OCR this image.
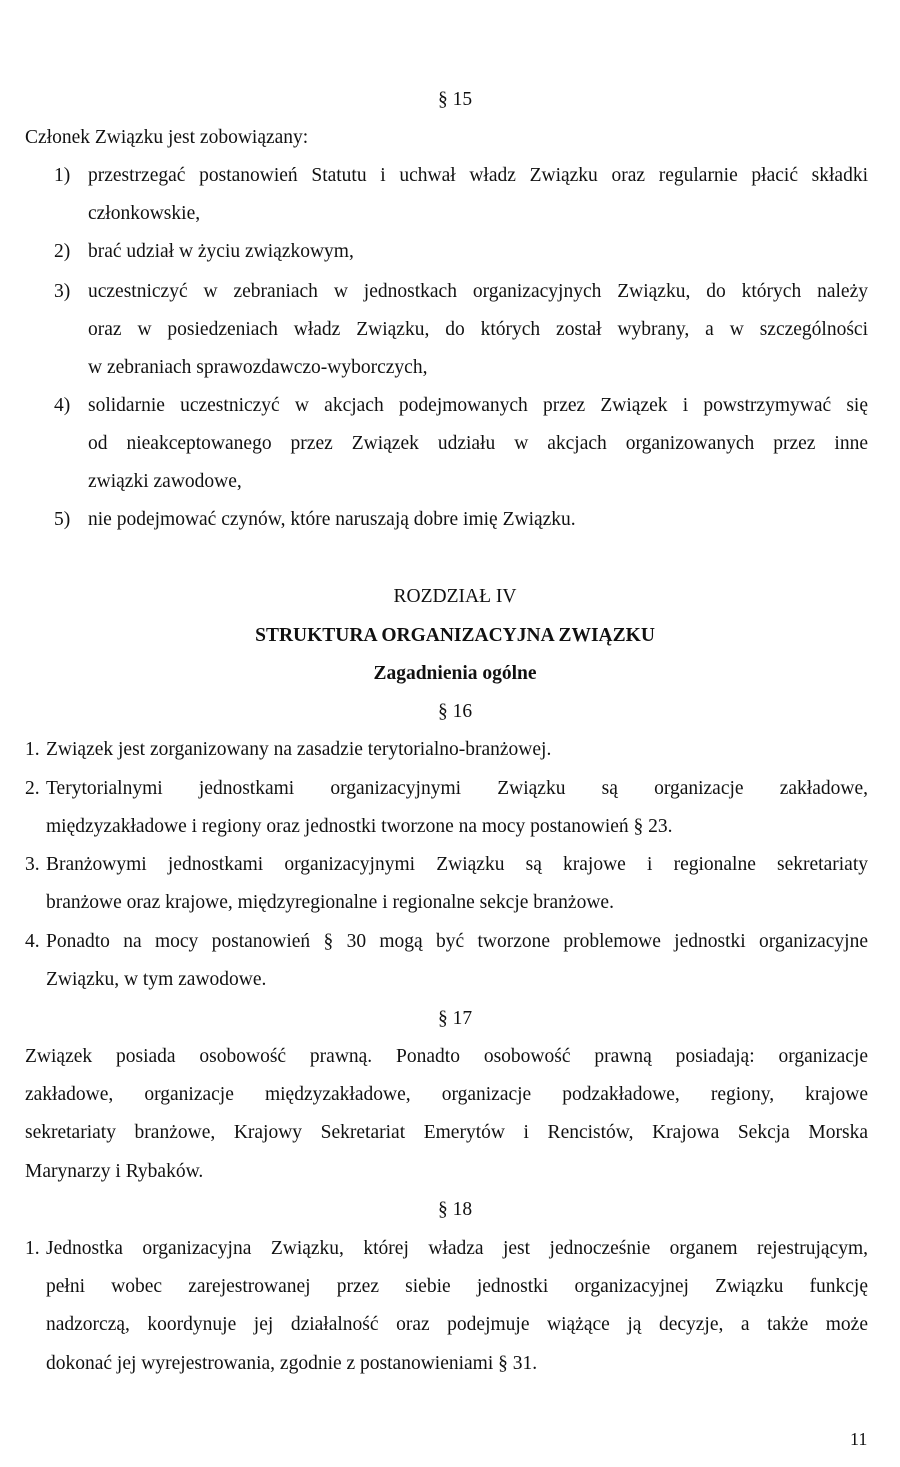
§ 15
Członek Związku jest zobowiązany:
1) przestrzegać postanowień Statutu i uchwał władz Związku oraz regularnie płacić składki
członkowskie,
2) brać udział w życiu związkowym,
3) uczestniczyć w zebraniach w jednostkach organizacyjnych Związku, do których należy
oraz w posiedzeniach władz Związku, do których został wybrany, a w szczególności
w zebraniach sprawozdawczo-wyborczych,
4) solidarnie uczestniczyć w akcjach podejmowanych przez Związek i powstrzymywać się
od nieakceptowanego przez Związek udziału w akcjach organizowanych przez inne
związki zawodowe,
5) nie podejmować czynów, które naruszają dobre imię Związku.
ROZDZIAŁ IV
STRUKTURA ORGANIZACYJNA ZWIĄZKU
Zagadnienia ogólne
§ 16
1. Związek jest zorganizowany na zasadzie terytorialno-branżowej.
2. Terytorialnymi jednostkami organizacyjnymi Związku są organizacje zakładowe,
międzyzakładowe i regiony oraz jednostki tworzone na mocy postanowień § 23.
3. Branżowymi jednostkami organizacyjnymi Związku są krajowe i regionalne sekretariaty
branżowe oraz krajowe, międzyregionalne i regionalne sekcje branżowe.
4. Ponadto na mocy postanowień § 30 mogą być tworzone problemowe jednostki organizacyjne
Związku, w tym zawodowe.
§ 17
Związek posiada osobowość prawną. Ponadto osobowość prawną posiadają: organizacje
zakładowe, organizacje międzyzakładowe, organizacje podzakładowe, regiony, krajowe
sekretariaty branżowe, Krajowy Sekretariat Emerytów i Rencistów, Krajowa Sekcja Morska
Marynarzy i Rybaków.
§ 18
1. Jednostka organizacyjna Związku, której władza jest jednocześnie organem rejestrującym,
pełni wobec zarejestrowanej przez siebie jednostki organizacyjnej Związku funkcję
nadzorczą, koordynuje jej działalność oraz podejmuje wiążące ją decyzje, a także może
dokonać jej wyrejestrowania, zgodnie z postanowieniami § 31.
11
